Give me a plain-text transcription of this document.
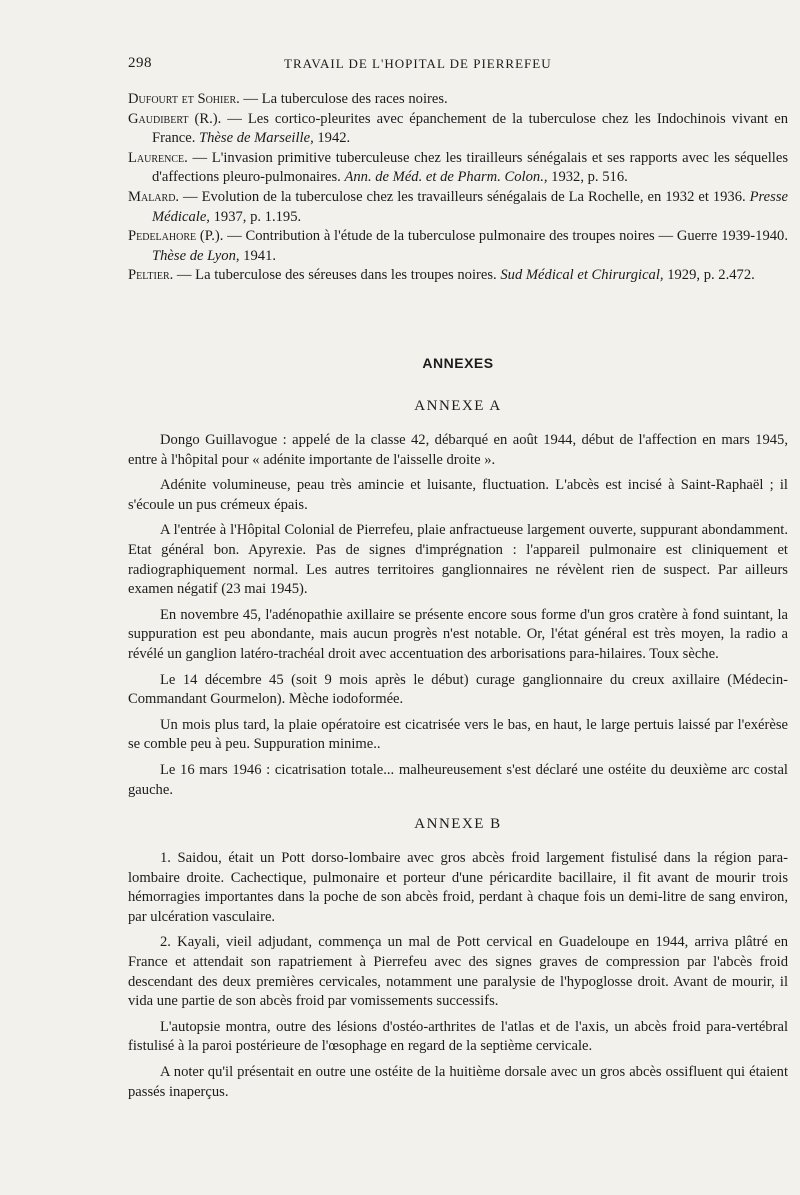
298	TRAVAIL DE L'HOPITAL DE PIERREFEU

Dufourt et Sohier. — La tuberculose des races noires.

Gaudibert (R.). — Les cortico-pleurites avec épanchement de la tuberculose chez les Indochinois vivant en France. Thèse de Marseille, 1942.

Laurence. — L'invasion primitive tuberculeuse chez les tirailleurs sénégalais et ses rapports avec les séquelles d'affections pleuro-pulmonaires. Ann. de Méd. et de Pharm. Colon., 1932, p. 516.

Malard. — Evolution de la tuberculose chez les travailleurs sénégalais de La Rochelle, en 1932 et 1936. Presse Médicale, 1937, p. 1.195.

Pedelahore (P.). — Contribution à l'étude de la tuberculose pulmonaire des troupes noires — Guerre 1939-1940. Thèse de Lyon, 1941.

Peltier. — La tuberculose des séreuses dans les troupes noires. Sud Médical et Chirurgical, 1929, p. 2.472.

ANNEXES
ANNEXE A

Dongo Guillavogue : appelé de la classe 42, débarqué en août 1944, début de l'affection en mars 1945, entre à l'hôpital pour « adénite importante de l'aisselle droite ».

Adénite volumineuse, peau très amincie et luisante, fluctuation. L'abcès est incisé à Saint-Raphaël ; il s'écoule un pus crémeux épais.

A l'entrée à l'Hôpital Colonial de Pierrefeu, plaie anfractueuse largement ouverte, suppurant abondamment. Etat général bon. Apyrexie. Pas de signes d'imprégnation : l'appareil pulmonaire est cliniquement et radiographiquement normal. Les autres territoires ganglionnaires ne révèlent rien de suspect. Par ailleurs examen négatif (23 mai 1945).

En novembre 45, l'adénopathie axillaire se présente encore sous forme d'un gros cratère à fond suintant, la suppuration est peu abondante, mais aucun progrès n'est notable. Or, l'état général est très moyen, la radio a révélé un ganglion latéro-trachéal droit avec accentuation des arborisations para-hilaires. Toux sèche.

Le 14 décembre 45 (soit 9 mois après le début) curage ganglionnaire du creux axillaire (Médecin-Commandant Gourmelon). Mèche iodoformée.

Un mois plus tard, la plaie opératoire est cicatrisée vers le bas, en haut, le large pertuis laissé par l'exérèse se comble peu à peu. Suppuration minime..

Le 16 mars 1946 : cicatrisation totale... malheureusement s'est déclaré une ostéite du deuxième arc costal gauche.

ANNEXE B

1. Saidou, était un Pott dorso-lombaire avec gros abcès froid largement fistulisé dans la région para-lombaire droite. Cachectique, pulmonaire et porteur d'une péricardite bacillaire, il fit avant de mourir trois hémorragies importantes dans la poche de son abcès froid, perdant à chaque fois un demi-litre de sang environ, par ulcération vasculaire.

2. Kayali, vieil adjudant, commença un mal de Pott cervical en Guadeloupe en 1944, arriva plâtré en France et attendait son rapatriement à Pierrefeu avec des signes graves de compression par l'abcès froid descendant des deux premières cervicales, notamment une paralysie de l'hypoglosse droit. Avant de mourir, il vida une partie de son abcès froid par vomissements successifs.

L'autopsie montra, outre des lésions d'ostéo-arthrites de l'atlas et de l'axis, un abcès froid para-vertébral fistulisé à la paroi postérieure de l'œsophage en regard de la septième cervicale.

A noter qu'il présentait en outre une ostéite de la huitième dorsale avec un gros abcès ossifluent qui étaient passés inaperçus.
